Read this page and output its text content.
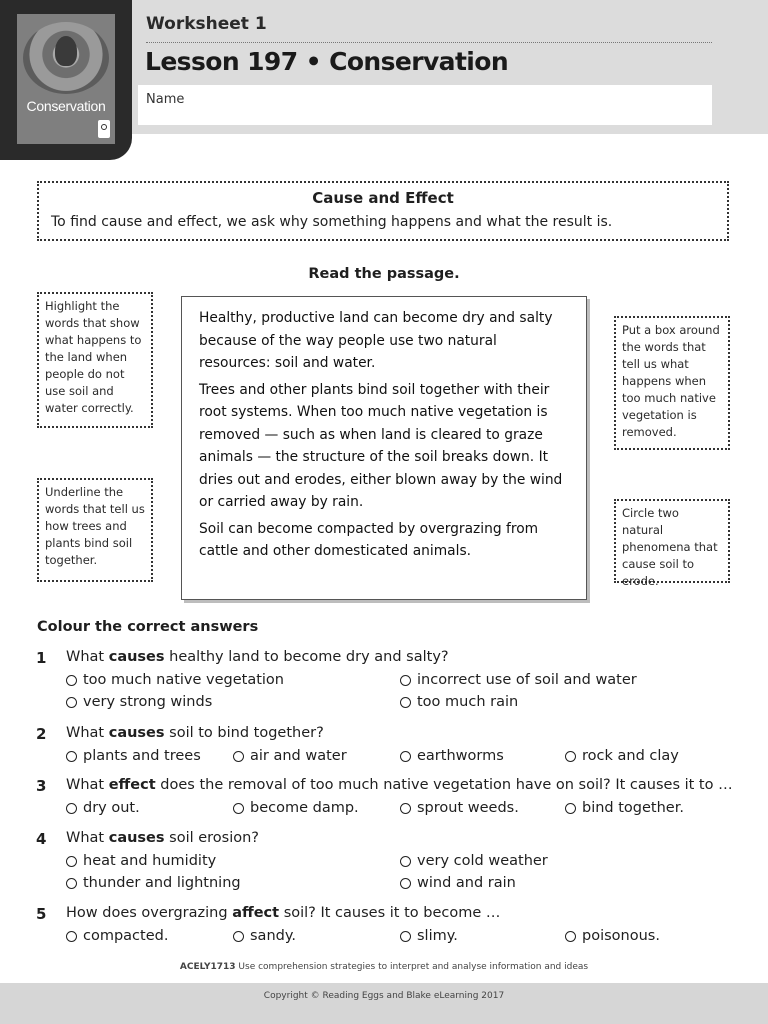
Conservation
Worksheet 1
Lesson 197 • Conservation
Name
Cause and Effect
To find cause and effect, we ask why something happens and what the result is.
Read the passage.
Highlight the words that show what happens to the land when people do not use soil and water correctly.
Underline the words that tell us how trees and plants bind soil together.
Put a box around the words that tell us what happens when too much native vegetation is removed.
Circle two natural phenomena that cause soil to erode.

Healthy, productive land can become dry and salty because of the way people use two natural resources: soil and water.

Trees and other plants bind soil together with their root systems. When too much native vegetation is removed — such as when land is cleared to graze animals — the structure of the soil breaks down. It dries out and erodes, either blown away by the wind or carried away by rain.

Soil can become compacted by overgrazing from cattle and other domesticated animals.

Colour the correct answers
1 What causes healthy land to become dry and salty?
too much native vegetation	incorrect use of soil and water
very strong winds	too much rain
2 What causes soil to bind together?
plants and trees	air and water	earthworms	rock and clay
3 What effect does the removal of too much native vegetation have on soil? It causes it to …
dry out.	become damp.	sprout weeds.	bind together.
4 What causes soil erosion?
heat and humidity	very cold weather
thunder and lightning	wind and rain
5 How does overgrazing affect soil? It causes it to become …
compacted.	sandy.	slimy.	poisonous.
ACELY1713 Use comprehension strategies to interpret and analyse information and ideas
Copyright © Reading Eggs and Blake eLearning 2017
